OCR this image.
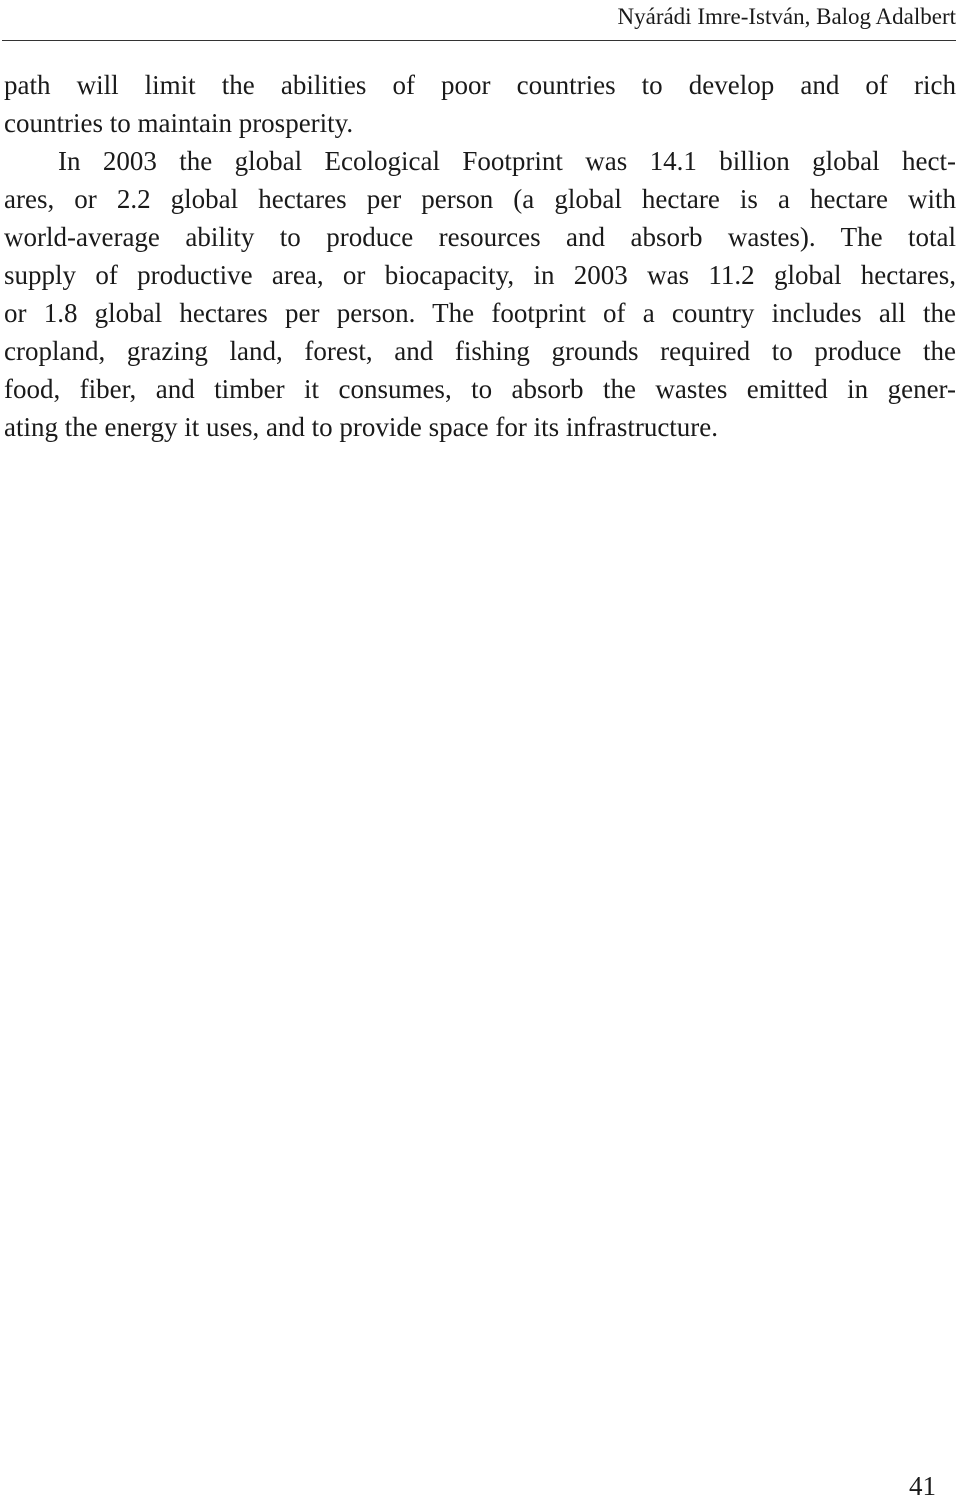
Nyárádi Imre-István, Balog Adalbert
path will limit the abilities of poor countries to develop and of rich
countries to maintain prosperity.
In 2003 the global Ecological Footprint was 14.1 billion global hect-
ares, or 2.2 global hectares per person (a global hectare is a hectare with
world-average ability to produce resources and absorb wastes). The total
supply of productive area, or biocapacity, in 2003 was 11.2 global hectares,
or 1.8 global hectares per person. The footprint of a country includes all the
cropland, grazing land, forest, and fishing grounds required to produce the
food, fiber, and timber it consumes, to absorb the wastes emitted in gener-
ating the energy it uses, and to provide space for its infrastructure.
41
